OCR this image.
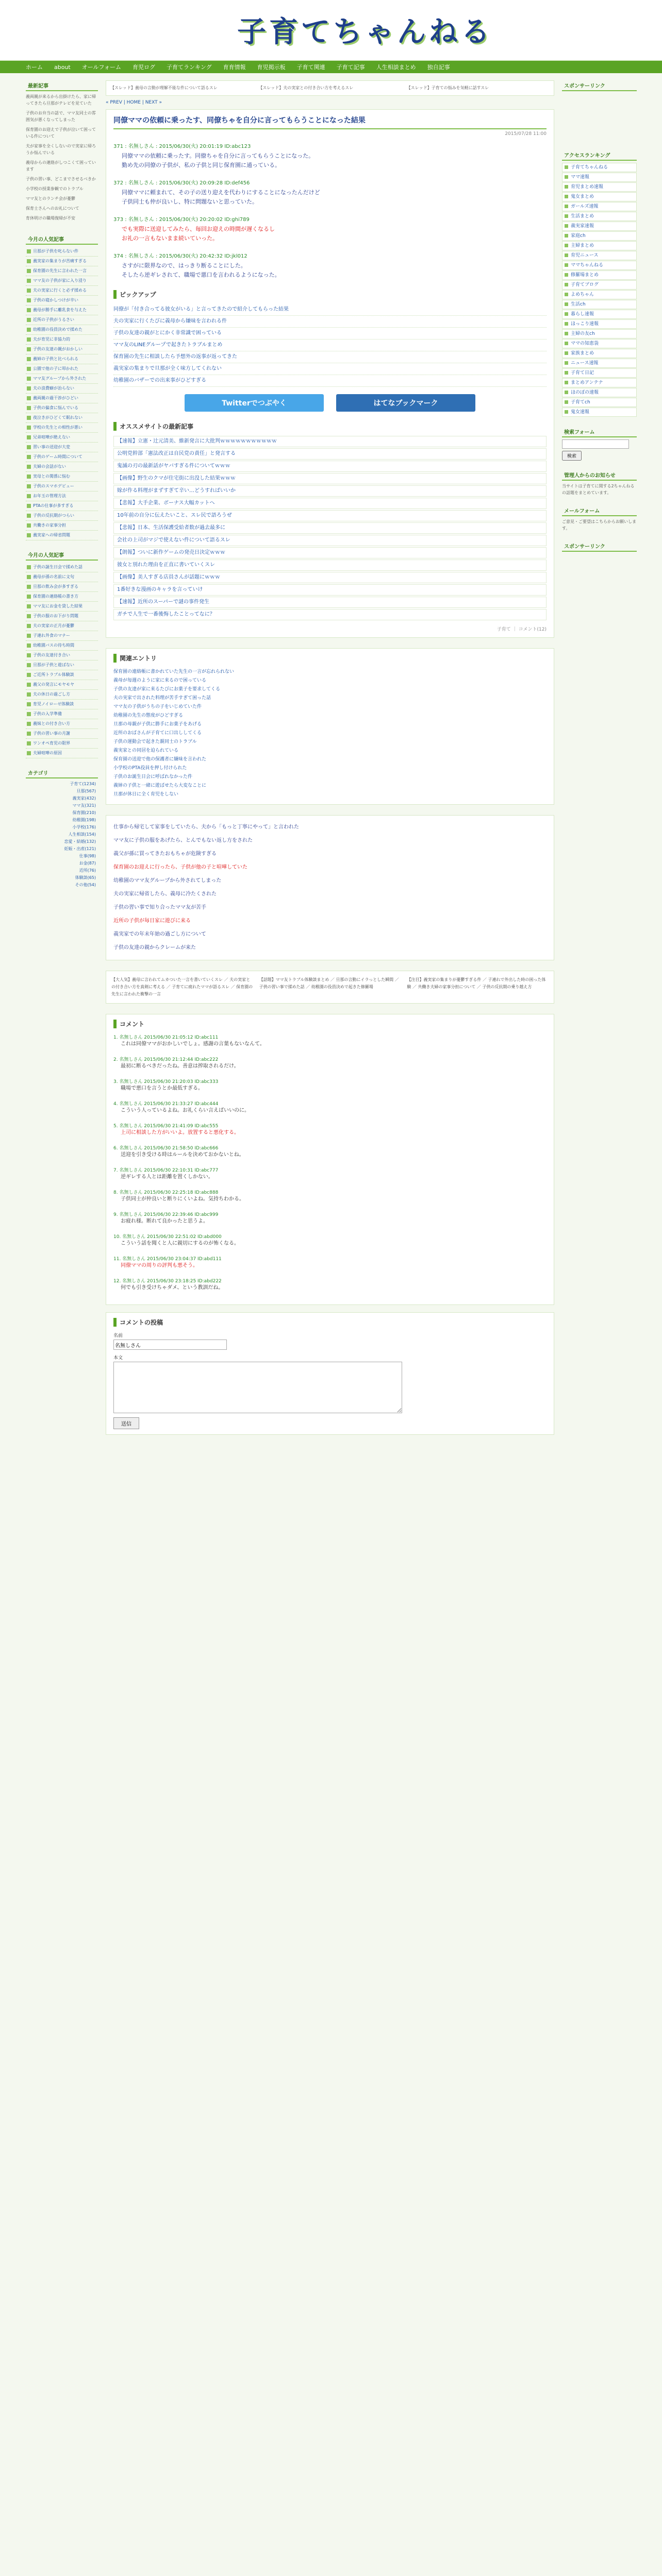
子育てちゃんねる
ホーム about オールフォーム 育児ログ 子育てランキング 育育情報 育児掲示板 子育て関連 子育て記事 人生相談まとめ 独自記事
最新記事

義両親が来るから出掛けたら、家に帰ってきたら旦那がテレビを見ていた

子供のお弁当の話で、ママ友同士の雰囲気が悪くなってしまった

保育園のお迎えで子供が泣いて困っている件について

夫が家事を全くしないので実家に帰ろうか悩んでいる

義母からの連絡がしつこくて困っています

子供の習い事、どこまでさせるべきか

小学校の授業参観でのトラブル

ママ友とのランチ会が憂鬱

保育士さんへのお礼について

育休明けの職場復帰が不安

今月の人気記事
旦那が子供を叱らない件
義実家の集まりが苦痛すぎる
保育園の先生に言われた一言
ママ友の子供が家に入り浸り
夫の実家に行くと必ず揉める
子供の寝かしつけが辛い
義母が勝手に離乳食を与えた
近所の子供がうるさい
幼稚園の役員決めで揉めた
夫が育児に非協力的
子供の友達の親がおかしい
義姉の子供と比べられる
公園で他の子に叩かれた
ママ友グループから外された
夫の浪費癖が治らない
義両親の過干渉がひどい
子供の偏食に悩んでいる
夜泣きがひどくて眠れない
学校の先生との相性が悪い
兄弟喧嘩が絶えない
習い事の送迎が大変
子供のゲーム時間について
夫婦の会話がない
実母との関係に悩む
子供のスマホデビュー
お年玉の管理方法
PTAの仕事が多すぎる
子供の反抗期がつらい
共働きの家事分担
義実家への帰省問題
今月の人気記事
子供の誕生日会で揉めた話
義母が孫の名前に文句
旦那の飲み会が多すぎる
保育園の連絡帳の書き方
ママ友にお金を貸した結果
子供の服のお下がり問題
夫の実家の正月が憂鬱
子連れ外食のマナー
幼稚園バスの待ち時間
子供の友達付き合い
旦那が子供と遊ばない
ご近所トラブル体験談
義父の発言にモヤモヤ
夫の休日の過ごし方
育児ノイローゼ体験談
子供の入学準備
義妹との付き合い方
子供の習い事の月謝
ワンオペ育児の限界
夫婦喧嘩の原因
カテゴリ
子育て(1234)
旦那(567)
義実家(432)
ママ友(321)
保育園(210)
幼稚園(198)
小学校(176)
人生相談(154)
恋愛・結婚(132)
妊娠・出産(121)
仕事(98)
お金(87)
近所(76)
体験談(65)
その他(54)
【スレッド】義母の言動が理解不能な件について語るスレ	【スレッド】夫の実家との付き合い方を考えるスレ	【スレッド】子育ての悩みを気軽に話すスレ
« PREV | HOME | NEXT »
同僚ママの依頼に乗ったす、同僚ちゃを自分に言ってもらうことになった結果
2015/07/28 11:00
371 : 名無しさん : 2015/06/30(火) 20:01:19 ID:abc123
同僚ママの依頼に乗ったす。同僚ちゃを自分に言ってもらうことになった。
勤め先の同僚の子供が、私の子供と同じ保育園に通っている。
372 : 名無しさん : 2015/06/30(火) 20:09:28 ID:def456
同僚ママに頼まれて、その子の送り迎えを代わりにすることになったんだけど
子供同士も仲が良いし、特に問題ないと思っていた。
373 : 名無しさん : 2015/06/30(火) 20:20:02 ID:ghi789
でも実際に送迎してみたら、毎回お迎えの時間が遅くなるし
お礼の一言もないまま続いていった。
374 : 名無しさん : 2015/06/30(火) 20:42:32 ID:jkl012
さすがに限界なので、はっきり断ることにした。
そしたら逆ギレされて、職場で悪口を言われるようになった。
ピックアップ
同僚が「付き合ってる彼女がいる」と言ってきたので紹介してもらった結果
夫の実家に行くたびに義母から嫌味を言われる件
子供の友達の親がとにかく非常識で困っている
ママ友のLINEグループで起きたトラブルまとめ
保育園の先生に相談したら予想外の返事が返ってきた
義実家の集まりで旦那が全く味方してくれない
幼稚園のバザーでの出来事がひどすぎる
Twitterでつぶやく	はてなブックマーク
オススメサイトの最新記事
【速報】立憲・辻元清美、維新発言に大批判ｗｗｗｗｗｗｗｗｗｗｗ
公明党幹部「憲法改正は自民党の責任」と発言する
鬼滅の刃の最新話がヤバすぎる件についてｗｗｗ
【画像】野生のクマが住宅街に出没した結果ｗｗｗ
嫁が作る料理がまずすぎて辛い…どうすればいいか
【悲報】大手企業、ボーナス大幅カットへ
10年前の自分に伝えたいこと、スレ民で語ろうぜ
【悲報】日本、生活保護受給者数が過去最多に
会社の上司がマジで使えない件について語るスレ
【朗報】ついに新作ゲームの発売日決定ｗｗｗ
彼女と別れた理由を正直に書いていくスレ
【画像】美人すぎる店員さんが話題にｗｗｗ
1番好きな漫画のキャラを言っていけ
【速報】近所のスーパーで謎の事件発生
ガチで人生で一番後悔したことってなに？
子育て ｜ コメント(12)
関連エントリ
保育園の連絡帳に書かれていた先生の一言が忘れられない
義母が毎週のように家に来るので困っている
子供の友達が家に来るたびにお菓子を要求してくる
夫の実家で出された料理が苦手すぎて困った話
ママ友の子供がうちの子をいじめていた件
幼稚園の先生の態度がひどすぎる
旦那の母親が子供に勝手にお菓子をあげる
近所のおばさんが子育てに口出ししてくる
子供の運動会で起きた親同士のトラブル
義実家との同居を迫られている
保育園の送迎で他の保護者に嫌味を言われた
小学校のPTA役員を押し付けられた
子供のお誕生日会に呼ばれなかった件
義姉の子供と一緒に遊ばせたら大変なことに
旦那が休日に全く育児をしない
仕事から帰宅して家事をしていたら、夫から「もっと丁寧にやって」と言われた
ママ友に子供の服をあげたら、とんでもない返し方をされた
義父が孫に買ってきたおもちゃが危険すぎる
保育園のお迎えに行ったら、子供が他の子と喧嘩していた
幼稚園のママ友グループから外されてしまった
夫の実家に帰省したら、義母に冷たくされた
子供の習い事で知り合ったママ友が苦手
近所の子供が毎日家に遊びに来る
義実家での年末年始の過ごし方について
子供の友達の親からクレームが来た
【大人気】義母に言われてムカついた一言を書いていくスレ ／ 夫の実家との付き合い方を真剣に考える ／ 子育てに疲れたママが語るスレ ／ 保育園の先生に言われた衝撃の一言
【話題】ママ友トラブル体験談まとめ ／ 旦那の言動にイラっとした瞬間 ／ 子供の習い事で揉めた話 ／ 幼稚園の役員決めで起きた修羅場
【注目】義実家の集まりが憂鬱すぎる件 ／ 子連れで外出した時の困った体験 ／ 共働き夫婦の家事分担について ／ 子供の反抗期の乗り越え方
コメント
1. 名無しさん 2015/06/30 21:05:12 ID:abc111
これは同僚ママがおかしいでしょ。感謝の言葉もないなんて。
2. 名無しさん 2015/06/30 21:12:44 ID:abc222
最初に断るべきだったね。善意は搾取されるだけ。
3. 名無しさん 2015/06/30 21:20:03 ID:abc333
職場で悪口を言うとか最低すぎる。
4. 名無しさん 2015/06/30 21:33:27 ID:abc444
こういう人っているよね。お礼くらい言えばいいのに。
5. 名無しさん 2015/06/30 21:41:09 ID:abc555
上司に相談した方がいいよ。放置すると悪化する。
6. 名無しさん 2015/06/30 21:58:50 ID:abc666
送迎を引き受ける時はルールを決めておかないとね。
7. 名無しさん 2015/06/30 22:10:31 ID:abc777
逆ギレする人とは距離を置くしかない。
8. 名無しさん 2015/06/30 22:25:18 ID:abc888
子供同士が仲良いと断りにくいよね。気持ちわかる。
9. 名無しさん 2015/06/30 22:39:46 ID:abc999
お疲れ様。断れて良かったと思うよ。
10. 名無しさん 2015/06/30 22:51:02 ID:abd000
こういう話を聞くと人に親切にするのが怖くなる。
11. 名無しさん 2015/06/30 23:04:37 ID:abd111
同僚ママの周りの評判も悪そう。
12. 名無しさん 2015/06/30 23:18:25 ID:abd222
何でも引き受けちゃダメ、という教訓だね。
コメントの投稿
名前
名無しさん
本文
送信
スポンサーリンク
アクセスランキング
子育てちゃんねる
ママ速報
育児まとめ速報
鬼女まとめ
ガールズ速報
生活まとめ
義実家速報
家庭ch
主婦まとめ
育児ニュース
ママちゃんねる
修羅場まとめ
子育てブログ
よめちゃん
生活ch
暮らし速報
ほっこり速報
主婦の友ch
ママの知恵袋
家族まとめ
ニュース速報
子育て日記
まとめアンテナ
ほのぼの速報
子育てch
鬼女速報
検索フォーム
検索
管理人からのお知らせ
当サイトは子育てに関する2ちゃんねるの話題をまとめています。
メールフォーム
ご意見・ご要望はこちらからお願いします。
スポンサーリンク
